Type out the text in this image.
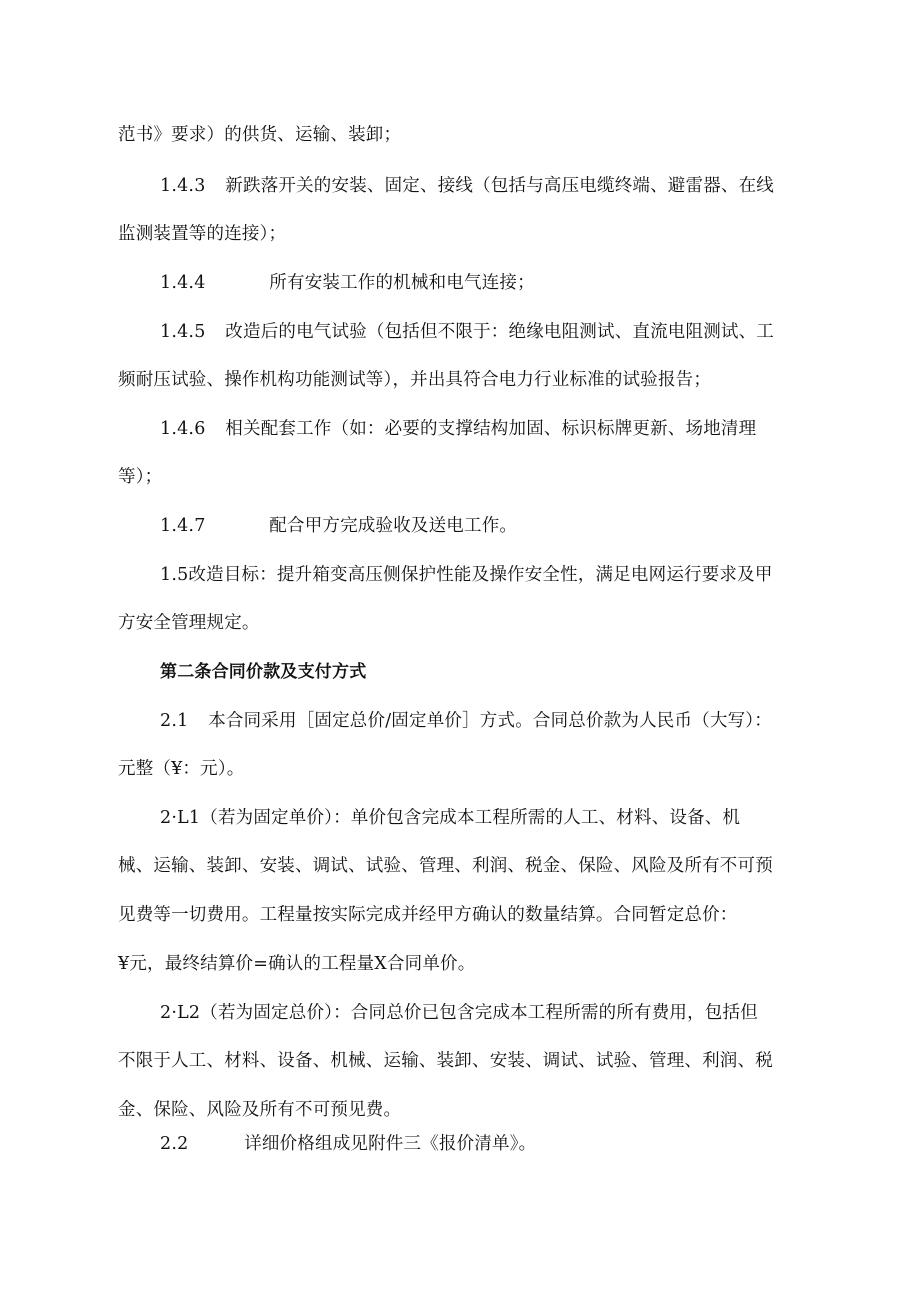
范书》要求）的供货、运输、装卸；
1.4.3 新跌落开关的安装、固定、接线（包括与高压电缆终端、避雷器、在线
监测装置等的连接）；
1.4.4	所有安装工作的机械和电气连接；
1.4.5 改造后的电气试验（包括但不限于：绝缘电阻测试、直流电阻测试、工
频耐压试验、操作机构功能测试等），并出具符合电力行业标准的试验报告；
1.4.6 相关配套工作（如：必要的支撑结构加固、标识标牌更新、场地清理
等）；
1.4.7	配合甲方完成验收及送电工作。
1.5改造目标：提升箱变高压侧保护性能及操作安全性，满足电网运行要求及甲
方安全管理规定。
第二条合同价款及支付方式
2.1 本合同采用［固定总价/固定单价］方式。合同总价款为人民币（大写）：
元整（¥：元）。
2·L1（若为固定单价）：单价包含完成本工程所需的人工、材料、设备、机
械、运输、装卸、安装、调试、试验、管理、利润、税金、保险、风险及所有不可预
见费等一切费用。工程量按实际完成并经甲方确认的数量结算。合同暂定总价：
¥元，最终结算价=确认的工程量X合同单价。
2·L2（若为固定总价）：合同总价已包含完成本工程所需的所有费用，包括但
不限于人工、材料、设备、机械、运输、装卸、安装、调试、试验、管理、利润、税
金、保险、风险及所有不可预见费。
2.2	详细价格组成见附件三《报价清单》。
